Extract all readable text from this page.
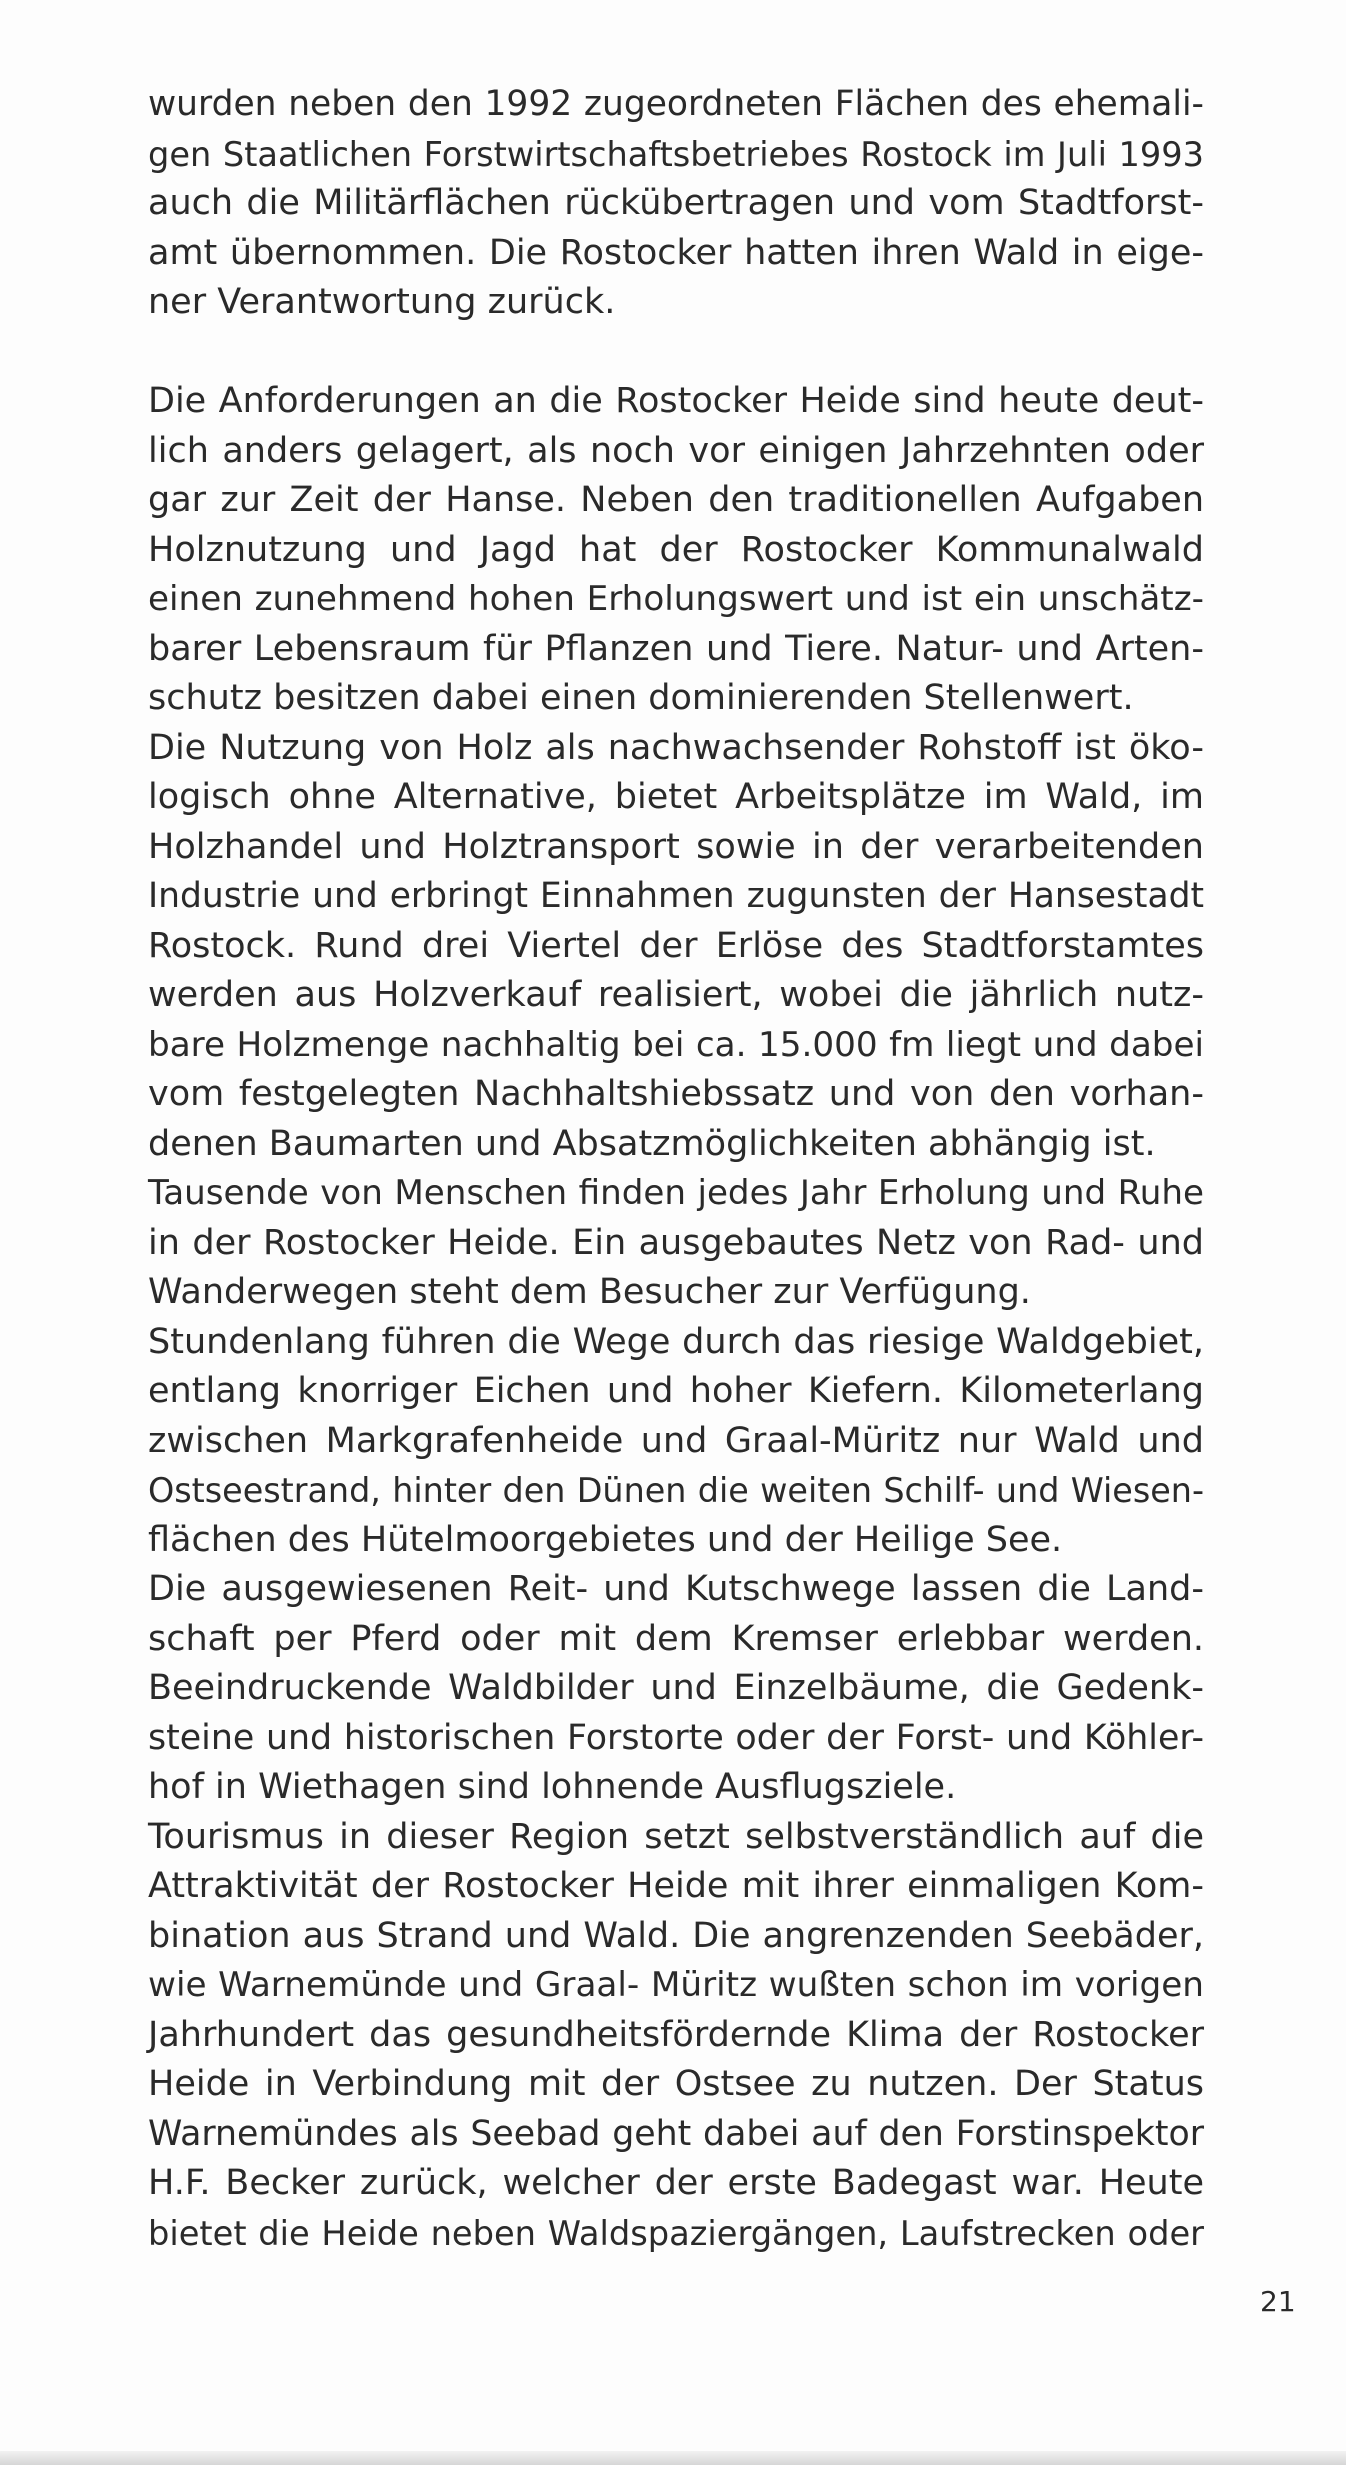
wurden neben den 1992 zugeordneten Flächen des ehemali-
gen Staatlichen Forstwirtschaftsbetriebes Rostock im Juli 1993
auch die Militärflächen rückübertragen und vom Stadtforst-
amt übernommen. Die Rostocker hatten ihren Wald in eige-
ner Verantwortung zurück.
Die Anforderungen an die Rostocker Heide sind heute deut-
lich anders gelagert, als noch vor einigen Jahrzehnten oder
gar zur Zeit der Hanse. Neben den traditionellen Aufgaben
Holznutzung und Jagd hat der Rostocker Kommunalwald
einen zunehmend hohen Erholungswert und ist ein unschätz-
barer Lebensraum für Pflanzen und Tiere. Natur- und Arten-
schutz besitzen dabei einen dominierenden Stellenwert.
Die Nutzung von Holz als nachwachsender Rohstoff ist öko-
logisch ohne Alternative, bietet Arbeitsplätze im Wald, im
Holzhandel und Holztransport sowie in der verarbeitenden
Industrie und erbringt Einnahmen zugunsten der Hansestadt
Rostock. Rund drei Viertel der Erlöse des Stadtforstamtes
werden aus Holzverkauf realisiert, wobei die jährlich nutz-
bare Holzmenge nachhaltig bei ca. 15.000 fm liegt und dabei
vom festgelegten Nachhaltshiebssatz und von den vorhan-
denen Baumarten und Absatzmöglichkeiten abhängig ist.
Tausende von Menschen finden jedes Jahr Erholung und Ruhe
in der Rostocker Heide. Ein ausgebautes Netz von Rad- und
Wanderwegen steht dem Besucher zur Verfügung.
Stundenlang führen die Wege durch das riesige Waldgebiet,
entlang knorriger Eichen und hoher Kiefern. Kilometerlang
zwischen Markgrafenheide und Graal-Müritz nur Wald und
Ostseestrand, hinter den Dünen die weiten Schilf- und Wiesen-
flächen des Hütelmoorgebietes und der Heilige See.
Die ausgewiesenen Reit- und Kutschwege lassen die Land-
schaft per Pferd oder mit dem Kremser erlebbar werden.
Beeindruckende Waldbilder und Einzelbäume, die Gedenk-
steine und historischen Forstorte oder der Forst- und Köhler-
hof in Wiethagen sind lohnende Ausflugsziele.
Tourismus in dieser Region setzt selbstverständlich auf die
Attraktivität der Rostocker Heide mit ihrer einmaligen Kom-
bination aus Strand und Wald. Die angrenzenden Seebäder,
wie Warnemünde und Graal- Müritz wußten schon im vorigen
Jahrhundert das gesundheitsfördernde Klima der Rostocker
Heide in Verbindung mit der Ostsee zu nutzen. Der Status
Warnemündes als Seebad geht dabei auf den Forstinspektor
H.F. Becker zurück, welcher der erste Badegast war. Heute
bietet die Heide neben Waldspaziergängen, Laufstrecken oder
21
